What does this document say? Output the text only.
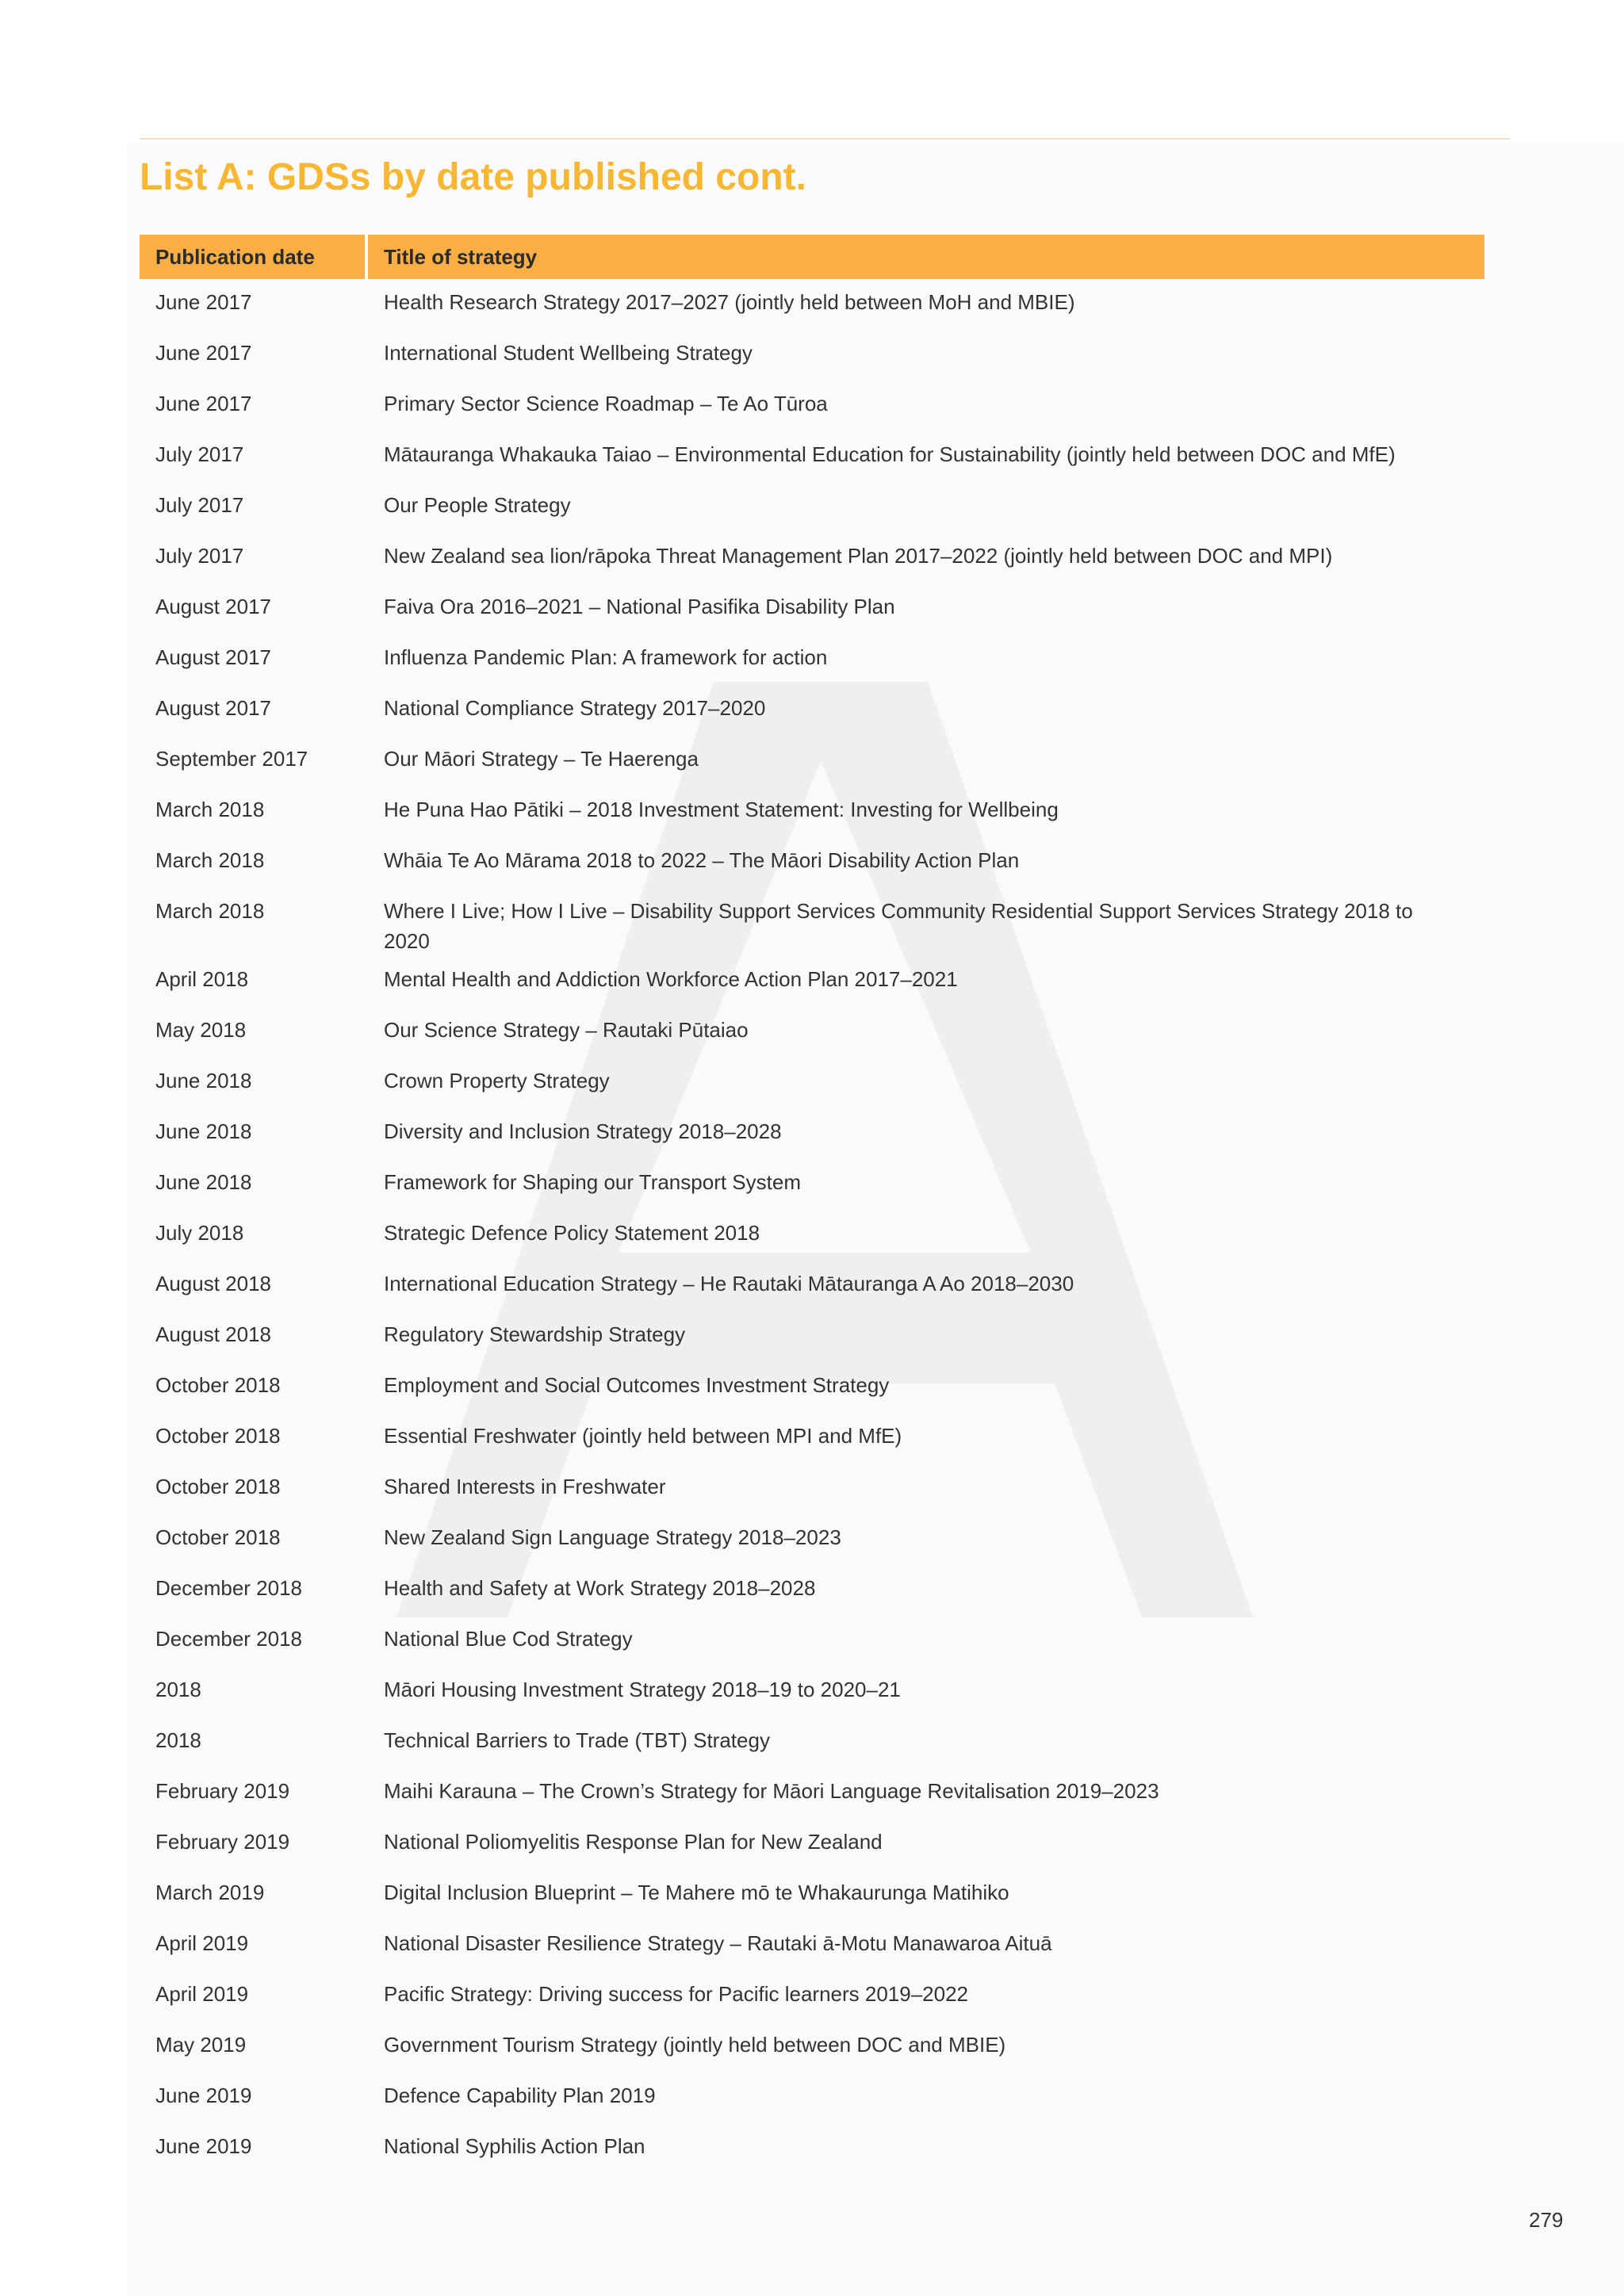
List A: GDSs by date published cont.
Publication date	Title of strategy
June 2017	Health Research Strategy 2017–2027 (jointly held between MoH and MBIE)
June 2017	International Student Wellbeing Strategy
June 2017	Primary Sector Science Roadmap – Te Ao Tūroa
July 2017	Mātauranga Whakauka Taiao – Environmental Education for Sustainability (jointly held between DOC and MfE)
July 2017	Our People Strategy
July 2017	New Zealand sea lion/rāpoka Threat Management Plan 2017–2022 (jointly held between DOC and MPI)
August 2017	Faiva Ora 2016–2021 – National Pasifika Disability Plan
August 2017	Influenza Pandemic Plan: A framework for action
August 2017	National Compliance Strategy 2017–2020
September 2017	Our Māori Strategy – Te Haerenga
March 2018	He Puna Hao Pātiki – 2018 Investment Statement: Investing for Wellbeing
March 2018	Whāia Te Ao Mārama 2018 to 2022 – The Māori Disability Action Plan
March 2018	Where I Live; How I Live – Disability Support Services Community Residential Support Services Strategy 2018 to 2020
April 2018	Mental Health and Addiction Workforce Action Plan 2017–2021
May 2018	Our Science Strategy – Rautaki Pūtaiao
June 2018	Crown Property Strategy
June 2018	Diversity and Inclusion Strategy 2018–2028
June 2018	Framework for Shaping our Transport System
July 2018	Strategic Defence Policy Statement 2018
August 2018	International Education Strategy – He Rautaki Mātauranga A Ao 2018–2030
August 2018	Regulatory Stewardship Strategy
October 2018	Employment and Social Outcomes Investment Strategy
October 2018	Essential Freshwater (jointly held between MPI and MfE)
October 2018	Shared Interests in Freshwater
October 2018	New Zealand Sign Language Strategy 2018–2023
December 2018	Health and Safety at Work Strategy 2018–2028
December 2018	National Blue Cod Strategy
2018	Māori Housing Investment Strategy 2018–19 to 2020–21
2018	Technical Barriers to Trade (TBT) Strategy
February 2019	Maihi Karauna – The Crown’s Strategy for Māori Language Revitalisation 2019–2023
February 2019	National Poliomyelitis Response Plan for New Zealand
March 2019	Digital Inclusion Blueprint – Te Mahere mō te Whakaurunga Matihiko
April 2019	National Disaster Resilience Strategy – Rautaki ā-Motu Manawaroa Aituā
April 2019	Pacific Strategy: Driving success for Pacific learners 2019–2022
May 2019	Government Tourism Strategy (jointly held between DOC and MBIE)
June 2019	Defence Capability Plan 2019
June 2019	National Syphilis Action Plan
279
